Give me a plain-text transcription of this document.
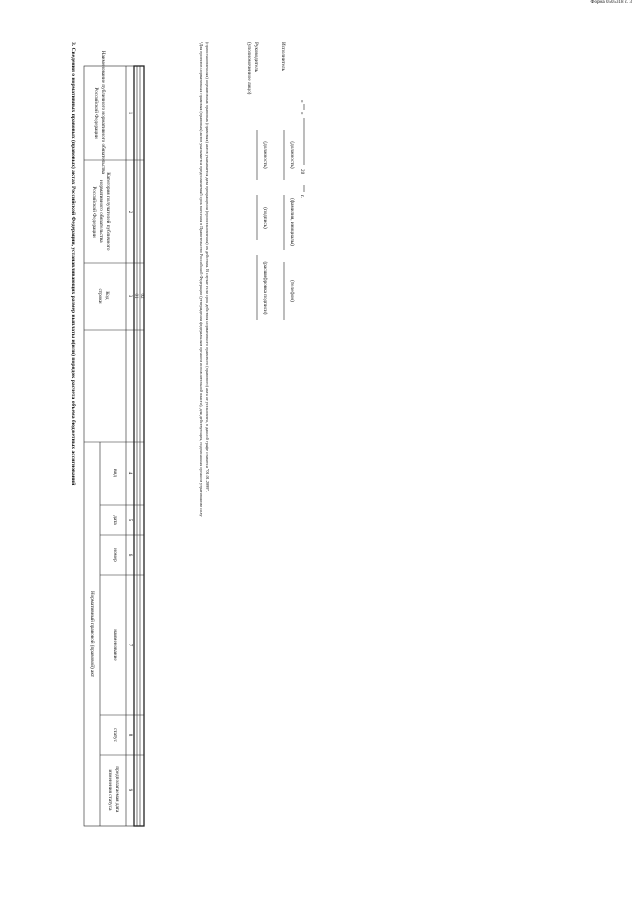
Форма 0505318 с. 3
3. Сведения о нормативных правовых (правовых) актах Российской Федерации, устанавливающих размер выплаты и(или) порядок расчета объема бюджетных ассигнований	Наименование публичного нормативного обязательства Российской Федерации
Категория получателей публичного нормативного обязательства Российской Федерации
Код строки
Нормативный правовой (правовой) акт
вид
дата
номер
наименование
статус
предполагаемая дата изменения статуса
1
2
3
4
5
6
7
8
9
01 02
¹Для проектов нормативных правовых (правовых) актов указывается предполагаемый срок внесения в Правительство Российской Федерации (утверждения федеральным органом исполнительной власти), для действующих, подписанных органом утратившими силу (приостановленных) нормативных правовых (правовых) актов указывается дата прекращения (приостановления) их действия. В случае если срок действия нормативного правового (правового) акта не установлен, в данной графе ставится "01.01.2099".	Руководитель (уполномоченное лицо)
(должность)
(подпись)
(расшифровка подписи)
Исполнитель
(должность)
(фамилия, инициалы)
(телефон)
«
»
20
г.
